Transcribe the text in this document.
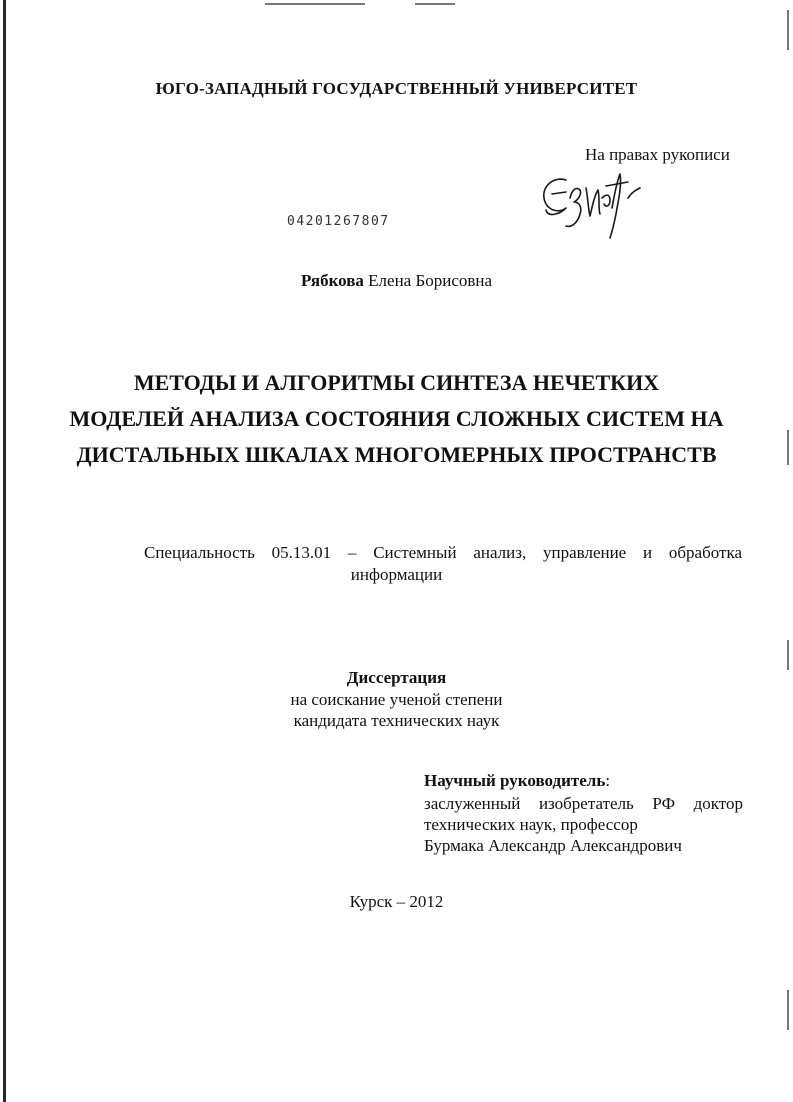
ЮГО-ЗАПАДНЫЙ ГОСУДАРСТВЕННЫЙ УНИВЕРСИТЕТ
На правах рукописи
04201267807
Рябкова Елена Борисовна
МЕТОДЫ И АЛГОРИТМЫ СИНТЕЗА НЕЧЕТКИХ
МОДЕЛЕЙ АНАЛИЗА СОСТОЯНИЯ СЛОЖНЫХ СИСТЕМ НА
ДИСТАЛЬНЫХ ШКАЛАХ МНОГОМЕРНЫХ ПРОСТРАНСТВ
Специальность 05.13.01 – Системный анализ, управление и обработка
информации
Диссертация
на соискание ученой степени
кандидата технических наук
Научный руководитель:
заслуженный изобретатель РФ доктор
технических наук, профессор
Бурмака Александр Александрович
Курск – 2012
